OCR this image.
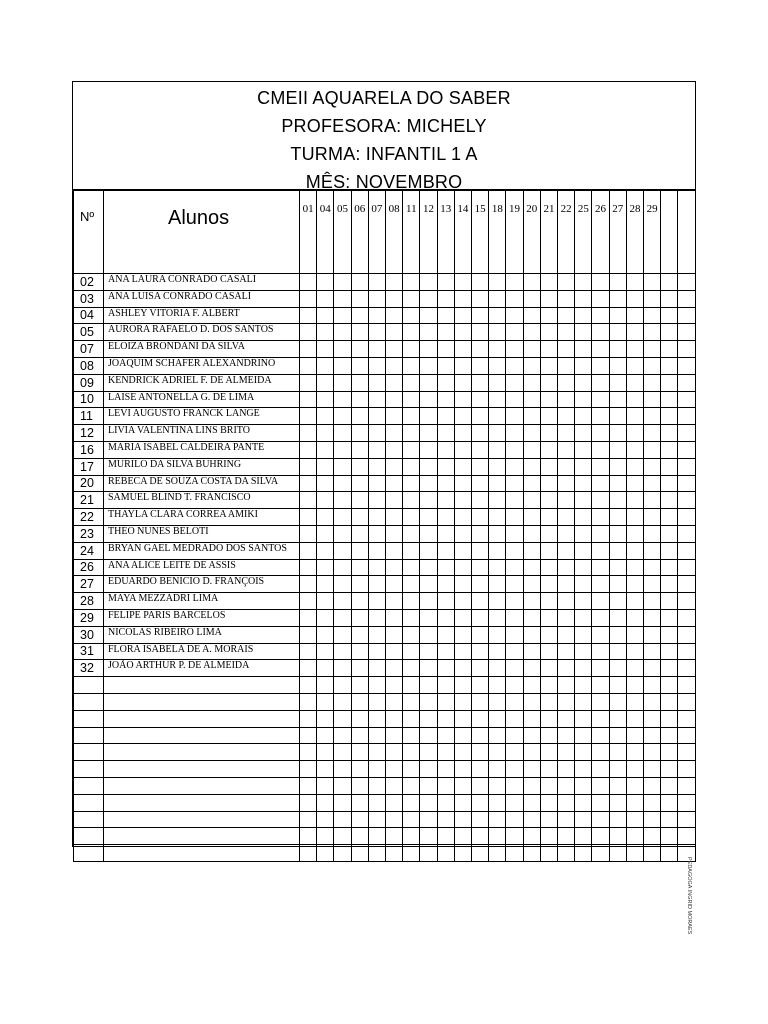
CMEII AQUARELA DO SABER
PROFESORA: MICHELY
TURMA: INFANTIL 1 A
MÊS: NOVEMBRO
Nº	Alunos	01	04	05	06	07	08	11	12	13	14	15	18	19	20	21	22	25	26	27	28	29		
02	ANA LAURA CONRADO CASALI																							
03	ANA LUISA CONRADO CASALI																							
04	ASHLEY VITORIA F. ALBERT																							
05	AURORA RAFAELO D. DOS SANTOS																							
07	ELOIZA BRONDANI DA SILVA																							
08	JOAQUIM SCHAFER ALEXANDRINO																							
09	KENDRICK ADRIEL F. DE ALMEIDA																							
10	LAISE ANTONELLA G. DE LIMA																							
11	LEVI AUGUSTO FRANCK LANGE																							
12	LIVIA VALENTINA LINS BRITO																							
16	MARIA ISABEL CALDEIRA PANTE																							
17	MURILO DA SILVA BUHRING																							
20	REBECA DE SOUZA COSTA DA SILVA																							
21	SAMUEL BLIND T. FRANCISCO																							
22	THAYLA CLARA CORREA AMIKI																							
23	THEO NUNES BELOTI																							
24	BRYAN GAEL MEDRADO DOS SANTOS																							
26	ANA ALICE LEITE DE ASSIS																							
27	EDUARDO BENICIO D. FRANÇOIS																							
28	MAYA MEZZADRI LIMA																							
29	FELIPE PARIS BARCELOS																							
30	NICOLAS RIBEIRO LIMA																							
31	FLORA ISABELA DE A. MORAIS																							
32	JOÃO ARTHUR P. DE ALMEIDA																							

PEDAGOGA INGRID MORAES
